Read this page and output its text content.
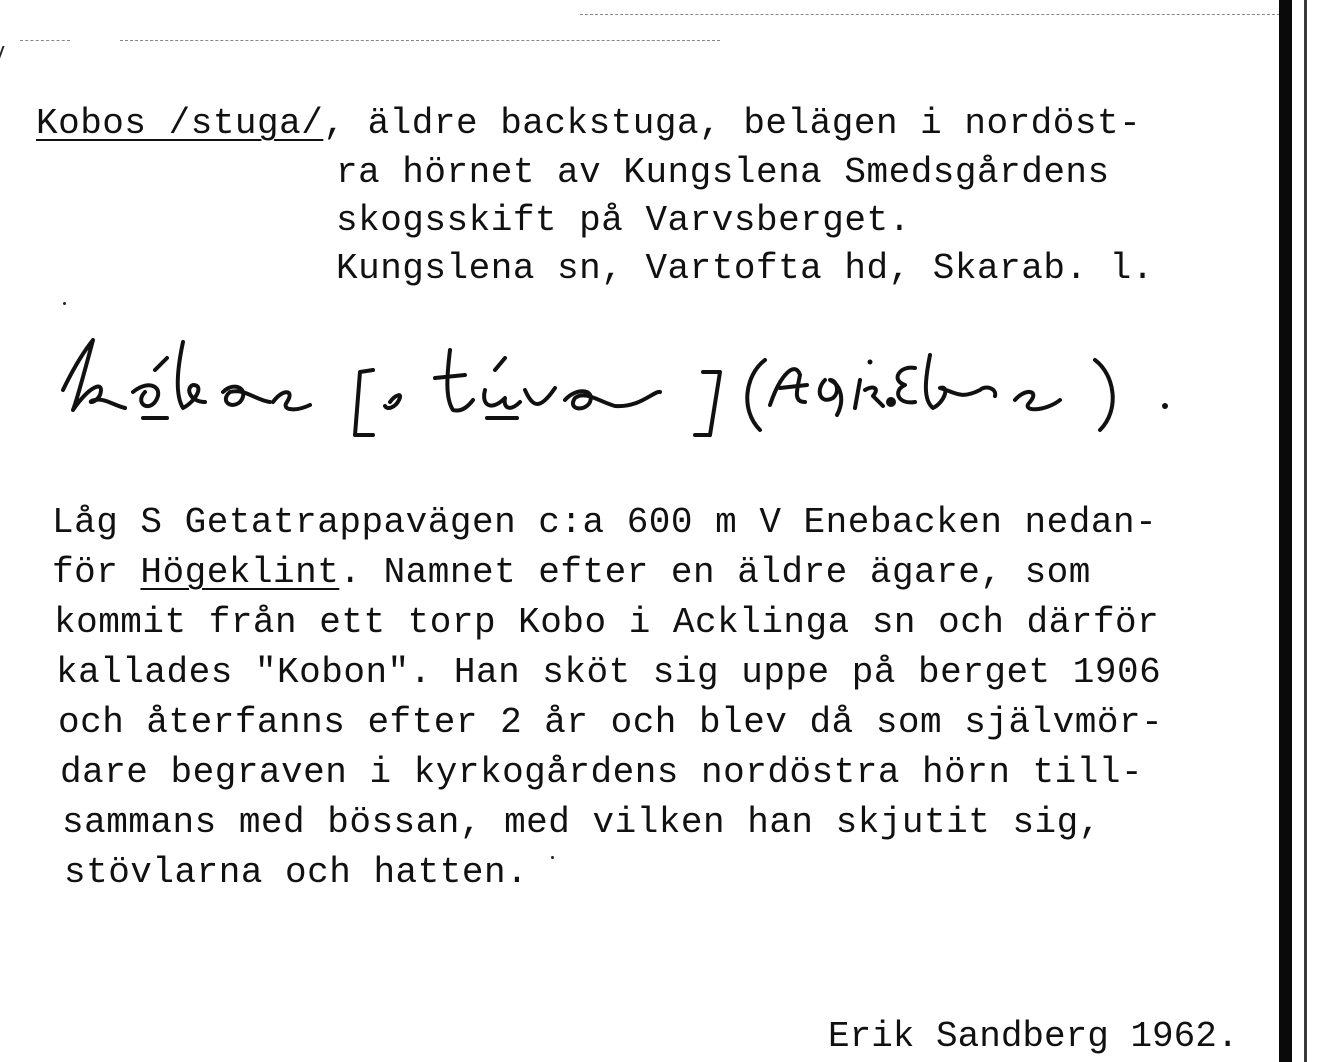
Kobos /stuga/, äldre backstuga, belägen i nordöst-
ra hörnet av Kungslena Smedsgårdens
skogsskift på Varvsberget.
Kungslena sn, Vartofta hd, Skarab. l.
Låg S Getatrappavägen c:a 600 m V Enebacken nedan-
för Högeklint. Namnet efter en äldre ägare, som
kommit från ett torp Kobo i Acklinga sn och därför
kallades "Kobon". Han sköt sig uppe på berget 1906
och återfanns efter 2 år och blev då som självmör-
dare begraven i kyrkogårdens nordöstra hörn till-
sammans med bössan, med vilken han skjutit sig,
stövlarna och hatten.
Erik Sandberg 1962.
